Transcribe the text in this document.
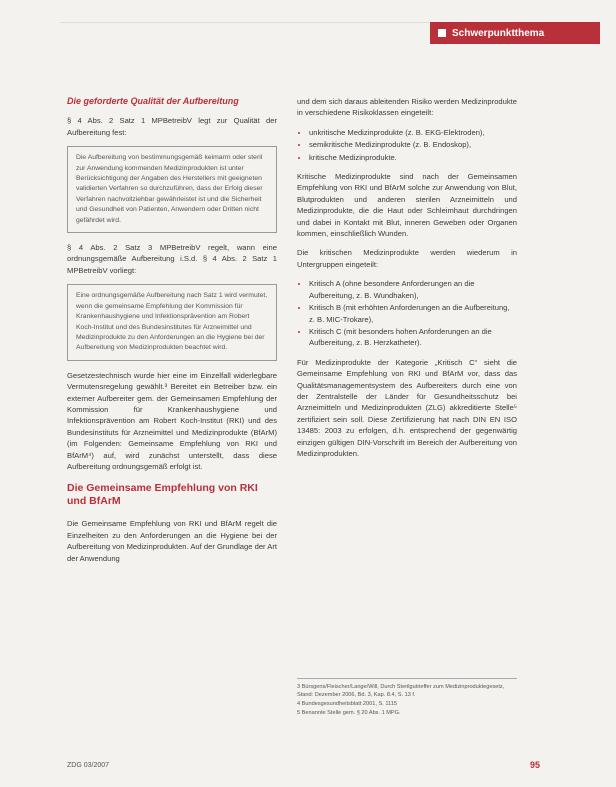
Schwerpunktthema
Die geforderte Qualität der Aufbereitung

§ 4 Abs. 2 Satz 1 MPBetreibV legt zur Qualität der Aufbereitung fest:

Die Aufbereitung von bestimmungsgemäß keimarm oder steril zur Anwendung kommenden Medizinprodukten ist unter Berücksichtigung der Angaben des Herstellers mit geeigneten validierten Verfahren so durchzuführen, dass der Erfolg dieser Verfahren nachvollziehbar gewährleistet ist und die Sicherheit und Gesundheit von Patienten, Anwendern oder Dritten nicht gefährdet wird.

§ 4 Abs. 2 Satz 3 MPBetreibV regelt, wann eine ordnungsgemäße Aufbereitung i.S.d. § 4 Abs. 2 Satz 1 MPBetreibV vorliegt:

Eine ordnungsgemäße Aufbereitung nach Satz 1 wird vermutet, wenn die gemeinsame Empfehlung der Kommission für Krankenhaushygiene und Infektionsprävention am Robert Koch-Institut und des Bundesinstitutes für Arzneimittel und Medizinprodukte zu den Anforderungen an die Hygiene bei der Aufbereitung von Medizinprodukten beachtet wird.

Gesetzestechnisch wurde hier eine im Einzelfall widerlegbare Vermutensregelung gewählt.³ Bereitet ein Betreiber bzw. ein externer Aufbereiter gem. der Gemeinsamen Empfehlung der Kommission für Krankenhaushygiene und Infektionsprävention am Robert Koch-Institut (RKI) und des Bundesinstituts für Arzneimittel und Medizinprodukte (BfArM) (im Folgenden: Gemeinsame Empfehlung von RKI und BfArM⁴) auf, wird zunächst unterstellt, dass diese Aufbereitung ordnungsgemäß erfolgt ist.

Die Gemeinsame Empfehlung von RKI und BfArM

Die Gemeinsame Empfehlung von RKI und BfArM regelt die Einzelheiten zu den Anforderungen an die Hygiene bei der Aufbereitung von Medizinprodukten. Auf der Grundlage der Art der Anwendung

und dem sich daraus ableitenden Risiko werden Medizinprodukte in verschiedene Risikoklassen eingeteilt:

• unkritische Medizinprodukte (z. B. EKG-Elektroden),
• semikritische Medizinprodukte (z. B. Endoskop),
• kritische Medizinprodukte.

Kritische Medizinprodukte sind nach der Gemeinsamen Empfehlung von RKI und BfArM solche zur Anwendung von Blut, Blutprodukten und anderen sterilen Arzneimitteln und Medizinprodukte, die die Haut oder Schleimhaut durchdringen und dabei in Kontakt mit Blut, inneren Geweben oder Organen kommen, einschließlich Wunden.

Die kritischen Medizinprodukte werden wiederum in Untergruppen eingeteilt:

• Kritisch A (ohne besondere Anforderungen an die Aufbereitung, z. B. Wundhaken),
• Kritisch B (mit erhöhten Anforderungen an die Aufbereitung, z. B. MIC-Trokare),
• Kritisch C (mit besonders hohen Anforderungen an die Aufbereitung, z. B. Herzkatheter).

Für Medizinprodukte der Kategorie „Kritisch C“ sieht die Gemeinsame Empfehlung von RKI und BfArM vor, dass das Qualitätsmanagementsystem des Aufbereiters durch eine von der Zentralstelle der Länder für Gesundheitsschutz bei Arzneimitteln und Medizinprodukten (ZLG) akkreditierte Stelle⁵ zertifiziert sein soll. Diese Zertifizierung hat nach DIN EN ISO 13485: 2003 zu erfolgen, d.h. entsprechend der gegenwärtig einzigen gültigen DIN-Vorschrift im Bereich der Aufbereitung von Medizinprodukten.

3 Bürsgens/Fleischer/Lange/Will, Durch Sterilgutrieffer zum Medizinproduktegesetz, Stand: Dezember 2006, Bd. 3, Kap. 8.4, S. 13 f.
4 Bundesgesundheitsblatt 2001, S. 1115
5 Benannte Stelle gem. § 20 Abs. 1 MPG.
ZDG 03/2007	95
